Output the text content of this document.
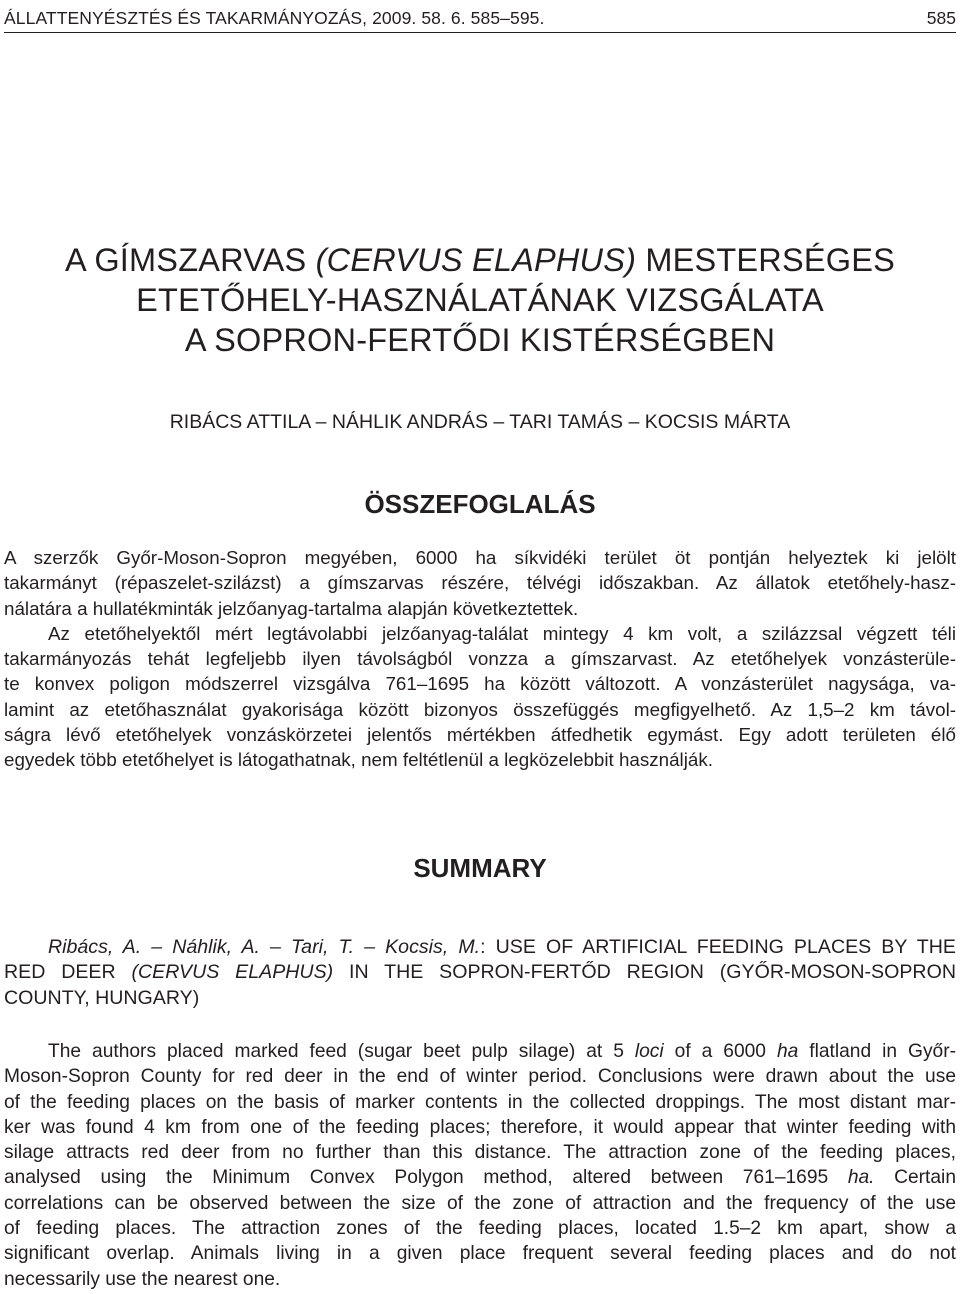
ÁLLATTENYÉSZTÉS ÉS TAKARMÁNYOZÁS, 2009. 58. 6. 585–595.	585
A GÍMSZARVAS (CERVUS ELAPHUS) MESTERSÉGES
ETETŐHELY-HASZNÁLATÁNAK VIZSGÁLATA
A SOPRON-FERTŐDI KISTÉRSÉGBEN
RIBÁCS ATTILA – NÁHLIK ANDRÁS – TARI TAMÁS – KOCSIS MÁRTA
ÖSSZEFOGLALÁS
A szerzők Győr-Moson-Sopron megyében, 6000 ha síkvidéki terület öt pontján helyeztek ki jelölt
takarmányt (répaszelet-szilázst) a gímszarvas részére, télvégi időszakban. Az állatok etetőhely-hasz-
nálatára a hullatékminták jelzőanyag-tartalma alapján következtettek.
Az etetőhelyektől mért legtávolabbi jelzőanyag-találat mintegy 4 km volt, a szilázzsal végzett téli
takarmányozás tehát legfeljebb ilyen távolságból vonzza a gímszarvast. Az etetőhelyek vonzásterüle-
te konvex poligon módszerrel vizsgálva 761–1695 ha között változott. A vonzásterület nagysága, va-
lamint az etetőhasználat gyakorisága között bizonyos összefüggés megfigyelhető. Az 1,5–2 km távol-
ságra lévő etetőhelyek vonzáskörzetei jelentős mértékben átfedhetik egymást. Egy adott területen élő
egyedek több etetőhelyet is látogathatnak, nem feltétlenül a legközelebbit használják.
SUMMARY
Ribács, A. – Náhlik, A. – Tari, T. – Kocsis, M.: USE OF ARTIFICIAL FEEDING PLACES BY THE
RED DEER (CERVUS ELAPHUS) IN THE SOPRON-FERTŐD REGION (GYŐR-MOSON-SOPRON
COUNTY, HUNGARY)
The authors placed marked feed (sugar beet pulp silage) at 5 loci of a 6000 ha flatland in Győr-
Moson-Sopron County for red deer in the end of winter period. Conclusions were drawn about the use
of the feeding places on the basis of marker contents in the collected droppings. The most distant mar-
ker was found 4 km from one of the feeding places; therefore, it would appear that winter feeding with
silage attracts red deer from no further than this distance. The attraction zone of the feeding places,
analysed using the Minimum Convex Polygon method, altered between 761–1695 ha. Certain
correlations can be observed between the size of the zone of attraction and the frequency of the use
of feeding places. The attraction zones of the feeding places, located 1.5–2 km apart, show a
significant overlap. Animals living in a given place frequent several feeding places and do not
necessarily use the nearest one.
